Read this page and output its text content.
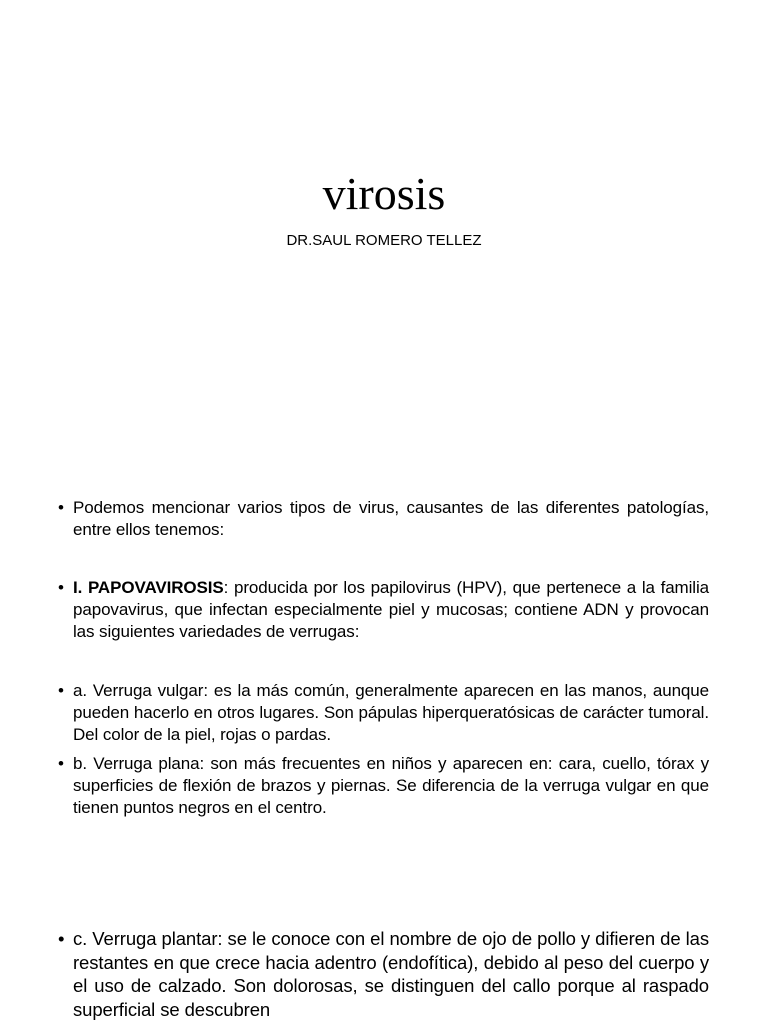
virosis
DR.SAUL ROMERO TELLEZ
• Podemos mencionar varios tipos de virus, causantes de las diferentes patologías, entre ellos tenemos:
• I. PAPOVAVIROSIS: producida por los papilovirus (HPV), que pertenece a la familia papovavirus, que infectan especialmente piel y mucosas; contiene ADN y provocan las siguientes variedades de verrugas:
• a. Verruga vulgar: es la más común, generalmente aparecen en las manos, aunque pueden hacerlo en otros lugares. Son pápulas hiperqueratósicas de carácter tumoral. Del color de la piel, rojas o pardas.
• b. Verruga plana: son más frecuentes en niños y aparecen en: cara, cuello, tórax y superficies de flexión de brazos y piernas. Se diferencia de la verruga vulgar en que tienen puntos negros en el centro.
• c. Verruga plantar: se le conoce con el nombre de ojo de pollo y difieren de las restantes en que crece hacia adentro (endofítica), debido al peso del cuerpo y el uso de calzado. Son dolorosas, se distinguen del callo porque al raspado superficial se descubren
